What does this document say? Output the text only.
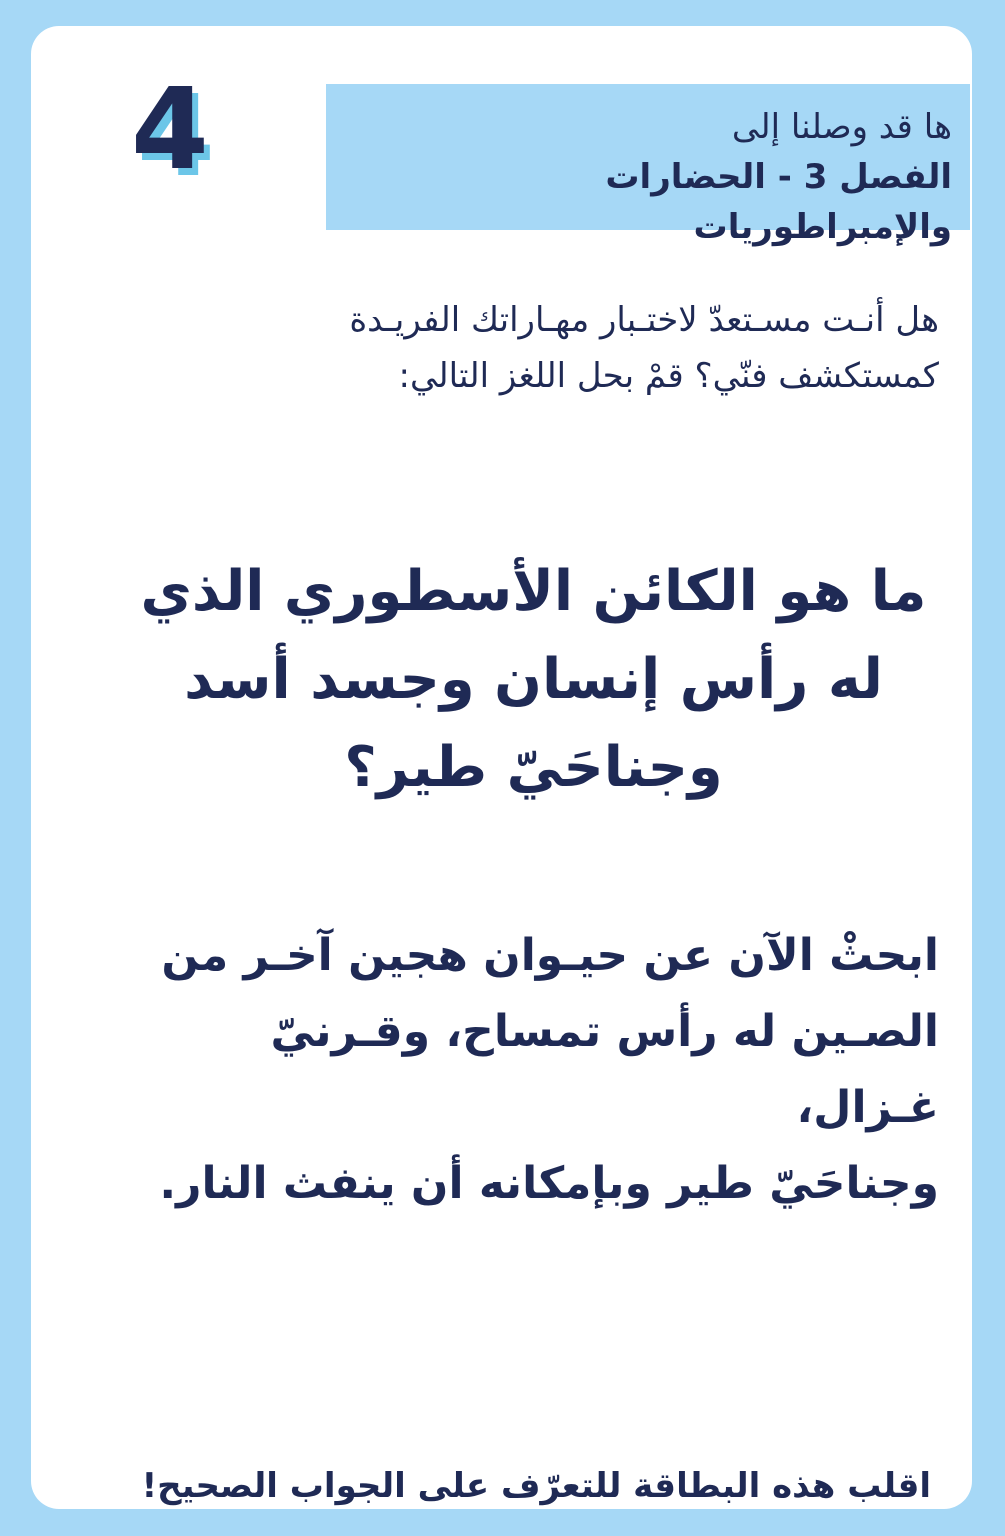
4	ها قد وصلنا إلى
الفصل 3 - الحضارات والإمبراطوريات
هل أنـت مسـتعدّ لاختـبار مهـاراتك الفريـدة
كمستكشف فنّي؟ قمْ بحل اللغز التالي:
ما هو الكائن الأسطوري الذي
له رأس إنسان وجسد أسد
وجناحَيّ طير؟
ابحثْ الآن عن حيـوان هجين آخـر من
الصـين له رأس تمساح، وقـرنيّ غـزال،
وجناحَيّ طير وبإمكانه أن ينفث النار.
اقلب هذه البطاقة للتعرّف على الجواب الصحيح!
